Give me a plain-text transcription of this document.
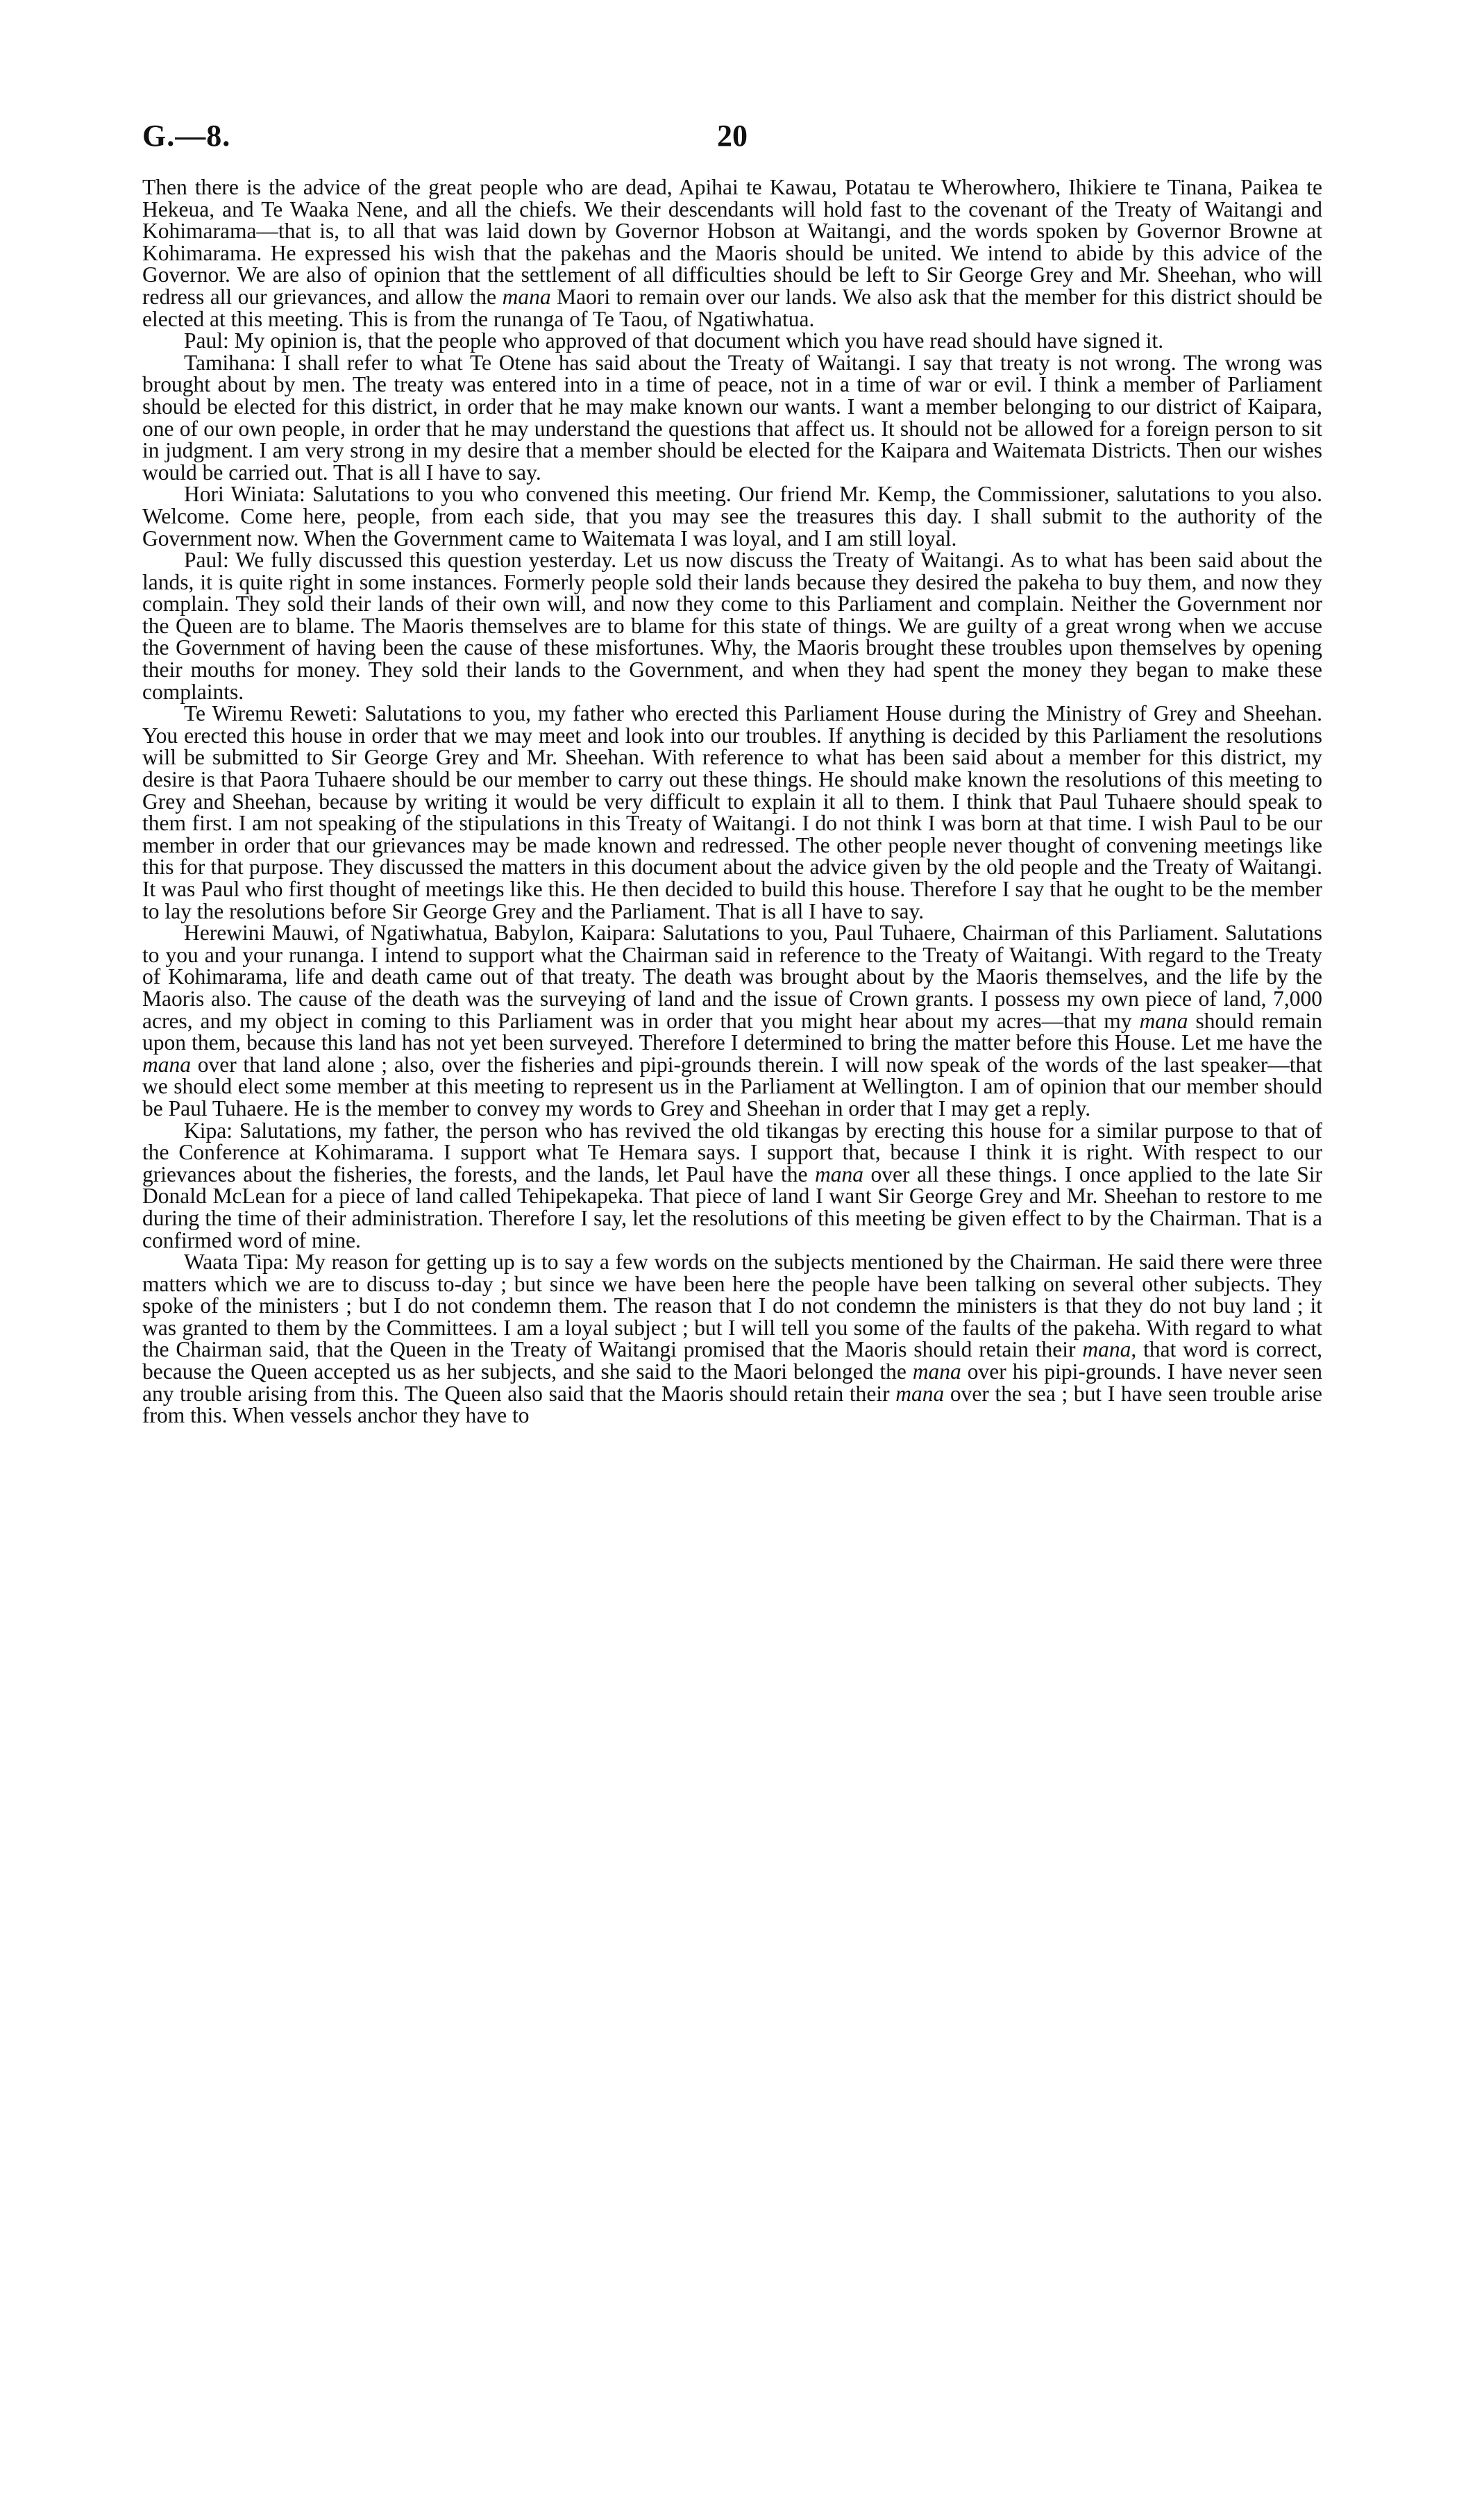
G.—8.	20

Then there is the advice of the great people who are dead, Apihai te Kawau, Potatau te Wherowhero, Ihikiere te Tinana, Paikea te Hekeua, and Te Waaka Nene, and all the chiefs. We their descendants will hold fast to the covenant of the Treaty of Waitangi and Kohimarama—that is, to all that was laid down by Governor Hobson at Waitangi, and the words spoken by Governor Browne at Kohimarama. He expressed his wish that the pakehas and the Maoris should be united. We intend to abide by this advice of the Governor. We are also of opinion that the settlement of all difficulties should be left to Sir George Grey and Mr. Sheehan, who will redress all our grievances, and allow the mana Maori to remain over our lands. We also ask that the member for this district should be elected at this meeting. This is from the runanga of Te Taou, of Ngatiwhatua.

Paul: My opinion is, that the people who approved of that document which you have read should have signed it.

Tamihana: I shall refer to what Te Otene has said about the Treaty of Waitangi. I say that treaty is not wrong. The wrong was brought about by men. The treaty was entered into in a time of peace, not in a time of war or evil. I think a member of Parliament should be elected for this district, in order that he may make known our wants. I want a member belonging to our district of Kaipara, one of our own people, in order that he may understand the questions that affect us. It should not be allowed for a foreign person to sit in judgment. I am very strong in my desire that a member should be elected for the Kaipara and Waitemata Districts. Then our wishes would be carried out. That is all I have to say.

Hori Winiata: Salutations to you who convened this meeting. Our friend Mr. Kemp, the Commissioner, salutations to you also. Welcome. Come here, people, from each side, that you may see the treasures this day. I shall submit to the authority of the Government now. When the Government came to Waitemata I was loyal, and I am still loyal.

Paul: We fully discussed this question yesterday. Let us now discuss the Treaty of Waitangi. As to what has been said about the lands, it is quite right in some instances. Formerly people sold their lands because they desired the pakeha to buy them, and now they complain. They sold their lands of their own will, and now they come to this Parliament and complain. Neither the Government nor the Queen are to blame. The Maoris themselves are to blame for this state of things. We are guilty of a great wrong when we accuse the Government of having been the cause of these misfortunes. Why, the Maoris brought these troubles upon themselves by opening their mouths for money. They sold their lands to the Government, and when they had spent the money they began to make these complaints.

Te Wiremu Reweti: Salutations to you, my father who erected this Parliament House during the Ministry of Grey and Sheehan. You erected this house in order that we may meet and look into our troubles. If anything is decided by this Parliament the resolutions will be submitted to Sir George Grey and Mr. Sheehan. With reference to what has been said about a member for this district, my desire is that Paora Tuhaere should be our member to carry out these things. He should make known the resolutions of this meeting to Grey and Sheehan, because by writing it would be very difficult to explain it all to them. I think that Paul Tuhaere should speak to them first. I am not speaking of the stipulations in this Treaty of Waitangi. I do not think I was born at that time. I wish Paul to be our member in order that our grievances may be made known and redressed. The other people never thought of convening meetings like this for that purpose. They discussed the matters in this document about the advice given by the old people and the Treaty of Waitangi. It was Paul who first thought of meetings like this. He then decided to build this house. Therefore I say that he ought to be the member to lay the resolutions before Sir George Grey and the Parliament. That is all I have to say.

Herewini Mauwi, of Ngatiwhatua, Babylon, Kaipara: Salutations to you, Paul Tuhaere, Chairman of this Parliament. Salutations to you and your runanga. I intend to support what the Chairman said in reference to the Treaty of Waitangi. With regard to the Treaty of Kohimarama, life and death came out of that treaty. The death was brought about by the Maoris themselves, and the life by the Maoris also. The cause of the death was the surveying of land and the issue of Crown grants. I possess my own piece of land, 7,000 acres, and my object in coming to this Parliament was in order that you might hear about my acres—that my mana should remain upon them, because this land has not yet been surveyed. Therefore I determined to bring the matter before this House. Let me have the mana over that land alone ; also, over the fisheries and pipi-grounds therein. I will now speak of the words of the last speaker—that we should elect some member at this meeting to represent us in the Parliament at Wellington. I am of opinion that our member should be Paul Tuhaere. He is the member to convey my words to Grey and Sheehan in order that I may get a reply.

Kipa: Salutations, my father, the person who has revived the old tikangas by erecting this house for a similar purpose to that of the Conference at Kohimarama. I support what Te Hemara says. I support that, because I think it is right. With respect to our grievances about the fisheries, the forests, and the lands, let Paul have the mana over all these things. I once applied to the late Sir Donald McLean for a piece of land called Tehipekapeka. That piece of land I want Sir George Grey and Mr. Sheehan to restore to me during the time of their administration. Therefore I say, let the resolutions of this meeting be given effect to by the Chairman. That is a confirmed word of mine.

Waata Tipa: My reason for getting up is to say a few words on the subjects mentioned by the Chairman. He said there were three matters which we are to discuss to-day ; but since we have been here the people have been talking on several other subjects. They spoke of the ministers ; but I do not condemn them. The reason that I do not condemn the ministers is that they do not buy land ; it was granted to them by the Committees. I am a loyal subject ; but I will tell you some of the faults of the pakeha. With regard to what the Chairman said, that the Queen in the Treaty of Waitangi promised that the Maoris should retain their mana, that word is correct, because the Queen accepted us as her subjects, and she said to the Maori belonged the mana over his pipi-grounds. I have never seen any trouble arising from this. The Queen also said that the Maoris should retain their mana over the sea ; but I have seen trouble arise from this. When vessels anchor they have to
